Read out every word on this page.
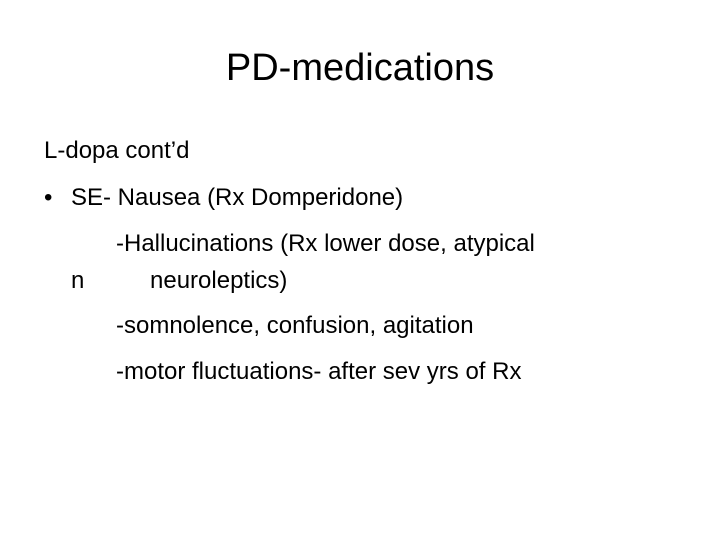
PD-medications
L-dopa cont’d
• SE- Nausea (Rx Domperidone)
-Hallucinations (Rx lower dose, atypical
n	neuroleptics)
-somnolence, confusion, agitation
-motor fluctuations- after sev yrs of Rx
